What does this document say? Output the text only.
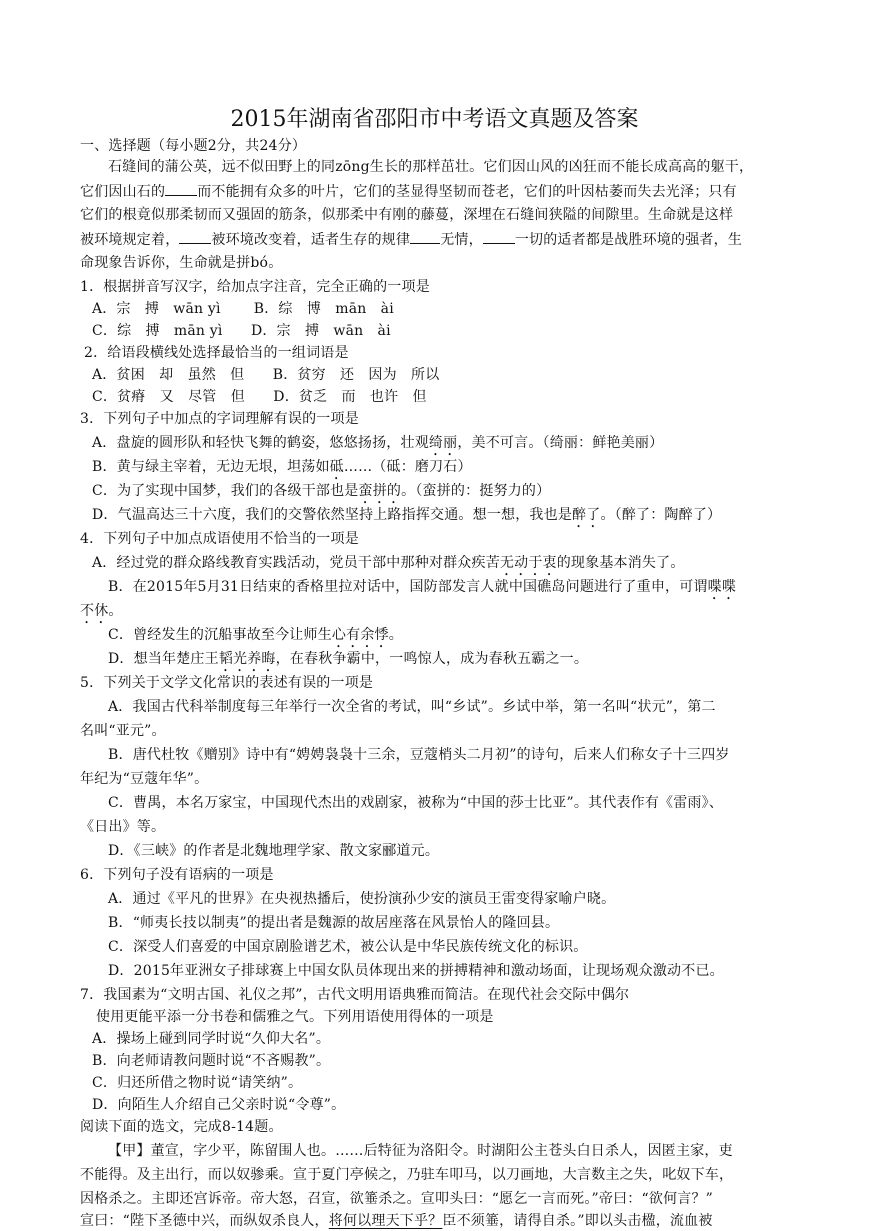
2015年湖南省邵阳市中考语文真题及答案
一、选择题（每小题2分，共24分）
石缝间的蒲公英，远不似田野上的同zōng生长的那样茁壮。它们因山风的凶狂而不能长成高高的躯干，
它们因山石的 而不能拥有众多的叶片，它们的茎显得坚韧而苍老，它们的叶因枯萎而失去光泽；只有
它们的根竟似那柔韧而又强固的筋条，似那柔中有刚的藤蔓，深埋在石缝间狭隘的间隙里。生命就是这样
被环境规定着， 被环境改变着，适者生存的规律 无情， 一切的适者都是战胜环境的强者，生
命现象告诉你，生命就是拼bó。
1．根据拼音写汉字，给加点字注音，完全正确的一项是
A．宗　搏　wān yì　　 B．综　博　mān　ài
C．综　搏　mān yì　　D．宗　搏　wān　ài
2．给语段横线处选择最恰当的一组词语是
A．贫困　却　虽然　但　　B．贫穷　还　因为　所以
C．贫瘠　又　尽管　但　　D．贫乏　而　也许　但
3．下列句子中加点的字词理解有误的一项是
A．盘旋的圆形队和轻快飞舞的鹤姿，悠悠扬扬，壮观绮丽，美不可言。（绮丽：鲜艳美丽）
B．黄与绿主宰着，无边无垠，坦荡如砥……（砥：磨刀石）
C．为了实现中国梦，我们的各级干部也是蛮拼的。（蛮拼的：挺努力的）
D．气温高达三十六度，我们的交警依然坚持上路指挥交通。想一想，我也是醉了。（醉了：陶醉了）
4．下列句子中加点成语使用不恰当的一项是
A．经过党的群众路线教育实践活动，党员干部中那种对群众疾苦无动于衷的现象基本消失了。
B．在2015年5月31日结束的香格里拉对话中，国防部发言人就中国礁岛问题进行了重申，可谓喋喋
不休。
C．曾经发生的沉船事故至今让师生心有余悸。
D．想当年楚庄王韬光养晦，在春秋争霸中，一鸣惊人，成为春秋五霸之一。
5．下列关于文学文化常识的表述有误的一项是
A．我国古代科举制度每三年举行一次全省的考试，叫“乡试”。乡试中举，第一名叫“状元”，第二
名叫“亚元”。
B．唐代杜牧《赠别》诗中有“娉娉袅袅十三余，豆蔻梢头二月初”的诗句，后来人们称女子十三四岁
年纪为“豆蔻年华”。
C．曹禺，本名万家宝，中国现代杰出的戏剧家，被称为“中国的莎士比亚”。其代表作有《雷雨》、
《日出》等。
D．《三峡》的作者是北魏地理学家、散文家郦道元。
6．下列句子没有语病的一项是
A．通过《平凡的世界》在央视热播后，使扮演孙少安的演员王雷变得家喻户晓。
B．“师夷长技以制夷”的提出者是魏源的故居座落在风景怡人的隆回县。
C．深受人们喜爱的中国京剧脸谱艺术，被公认是中华民族传统文化的标识。
D．2015年亚洲女子排球赛上中国女队员体现出来的拼搏精神和激动场面，让现场观众激动不已。
7．我国素为“文明古国、礼仪之邦”，古代文明用语典雅而简洁。在现代社会交际中偶尔
使用更能平添一分书卷和儒雅之气。下列用语使用得体的一项是
A．操场上碰到同学时说“久仰大名”。
B．向老师请教问题时说“不吝赐教”。
C．归还所借之物时说“请笑纳”。
D．向陌生人介绍自己父亲时说“令尊”。
阅读下面的选文，完成8-14题。
【甲】董宣，字少平，陈留围人也。……后特征为洛阳令。时湖阳公主苍头白日杀人，因匿主家，吏
不能得。及主出行，而以奴骖乘。宣于夏门亭候之，乃驻车叩马，以刀画地，大言数主之失，叱奴下车，
因格杀之。主即还宫诉帝。帝大怒，召宣，欲箠杀之。宣叩头曰：“愿乞一言而死。”帝曰：“欲何言？”
宣曰：“陛下圣德中兴，而纵奴杀良人，将何以理天下乎？臣不须箠，请得自杀。”即以头击楹，流血被
